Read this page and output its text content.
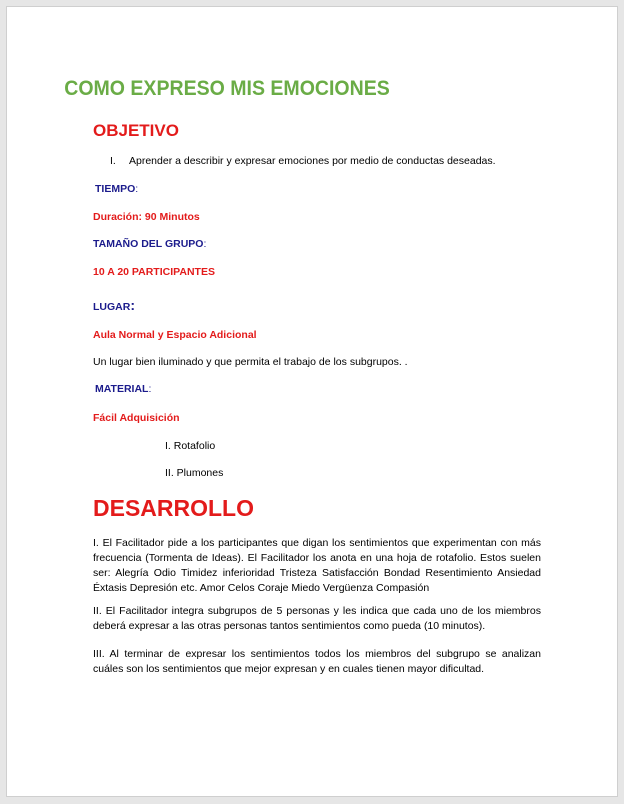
COMO EXPRESO MIS EMOCIONES
OBJETIVO
I. Aprender a describir y expresar emociones por medio de conductas deseadas.
TIEMPO:
Duración: 90 Minutos
TAMAÑO DEL GRUPO:
10 A 20 PARTICIPANTES
LUGAR:
Aula Normal y Espacio Adicional
Un lugar bien iluminado y que permita el trabajo de los subgrupos. .
MATERIAL:
Fácil Adquisición
I. Rotafolio
II. Plumones
DESARROLLO
I. El Facilitador pide a los participantes que digan los sentimientos que experimentan con más frecuencia (Tormenta de Ideas). El Facilitador los anota en una hoja de rotafolio. Estos suelen ser: Alegría Odio Timidez inferioridad Tristeza Satisfacción Bondad Resentimiento Ansiedad Éxtasis Depresión etc. Amor Celos Coraje Miedo Vergüenza Compasión
II. El Facilitador integra subgrupos de 5 personas y les indica que cada uno de los miembros deberá expresar a las otras personas tantos sentimientos como pueda (10 minutos).
III. Al terminar de expresar los sentimientos todos los miembros del subgrupo se analizan cuáles son los sentimientos que mejor expresan y en cuales tienen mayor dificultad.
